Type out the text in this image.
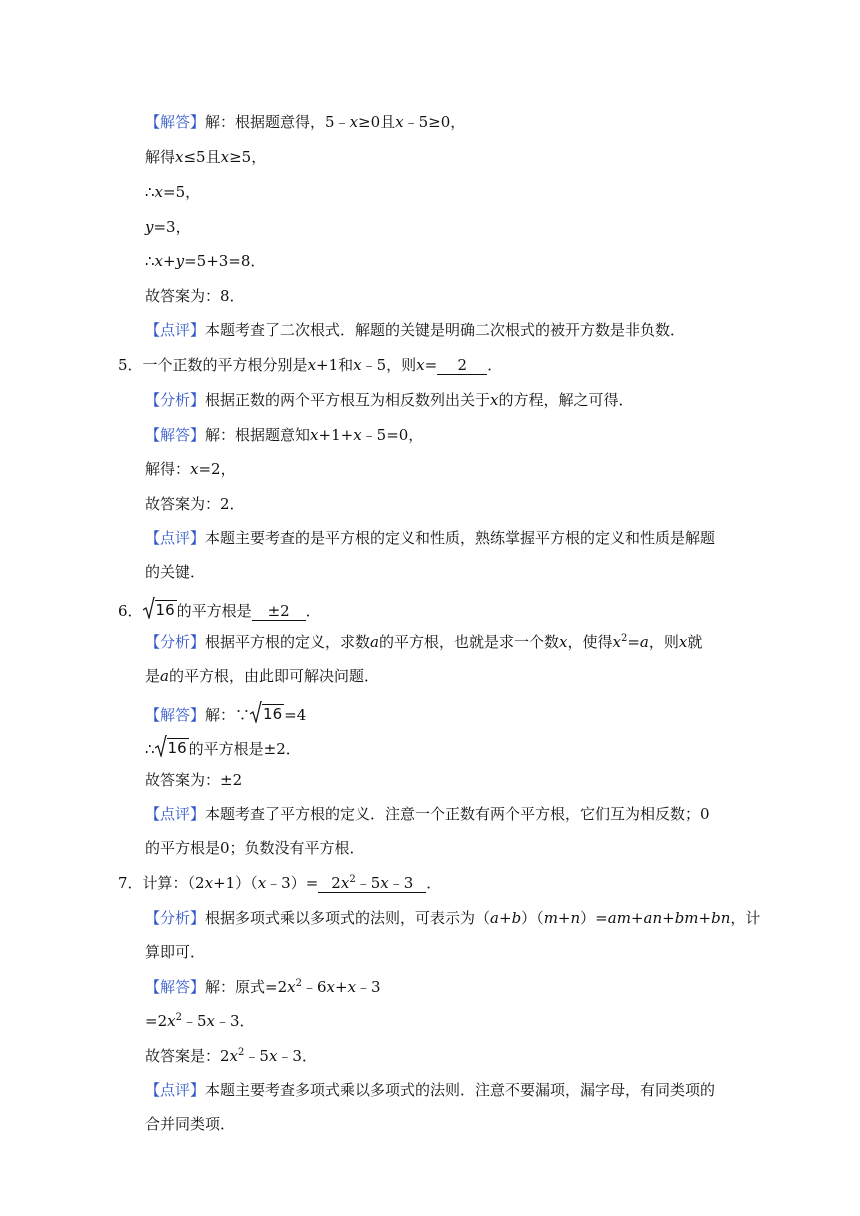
【解答】解：根据题意得，5﹣x≥0且x﹣5≥0，
解得x≤5且x≥5，
∴x=5，
y=3，
∴x+y=5+3=8．
故答案为：8．
【点评】本题考查了二次根式．解题的关键是明确二次根式的被开方数是非负数．
5．一个正数的平方根分别是x+1和x﹣5，则x= 2 ．
【分析】根据正数的两个平方根互为相反数列出关于x的方程，解之可得．
【解答】解：根据题意知x+1+x﹣5=0，
解得：x=2，
故答案为：2．
【点评】本题主要考查的是平方根的定义和性质，熟练掌握平方根的定义和性质是解题
的关键．
6． 16 的平方根是 ±2 ．
【分析】根据平方根的定义，求数a的平方根，也就是求一个数x，使得$x^2=a$，则x就
是a的平方根，由此即可解决问题．
【解答】解：∵ 16 =4
∴ 16 的平方根是±2．
故答案为：±2
【点评】本题考查了平方根的定义．注意一个正数有两个平方根，它们互为相反数；0
的平方根是0；负数没有平方根．
7．计算：（2x+1）（x﹣3）= $2x^2﹣5x﹣3$ ．
【分析】根据多项式乘以多项式的法则，可表示为（a+b）（m+n）=am+an+bm+bn，计
算即可．
【解答】解：原式$=2x^2﹣6x+x﹣3$
$=2x^2﹣5x﹣3$．
故答案是：$2x^2﹣5x﹣3$．
【点评】本题主要考查多项式乘以多项式的法则．注意不要漏项，漏字母，有同类项的
合并同类项．
